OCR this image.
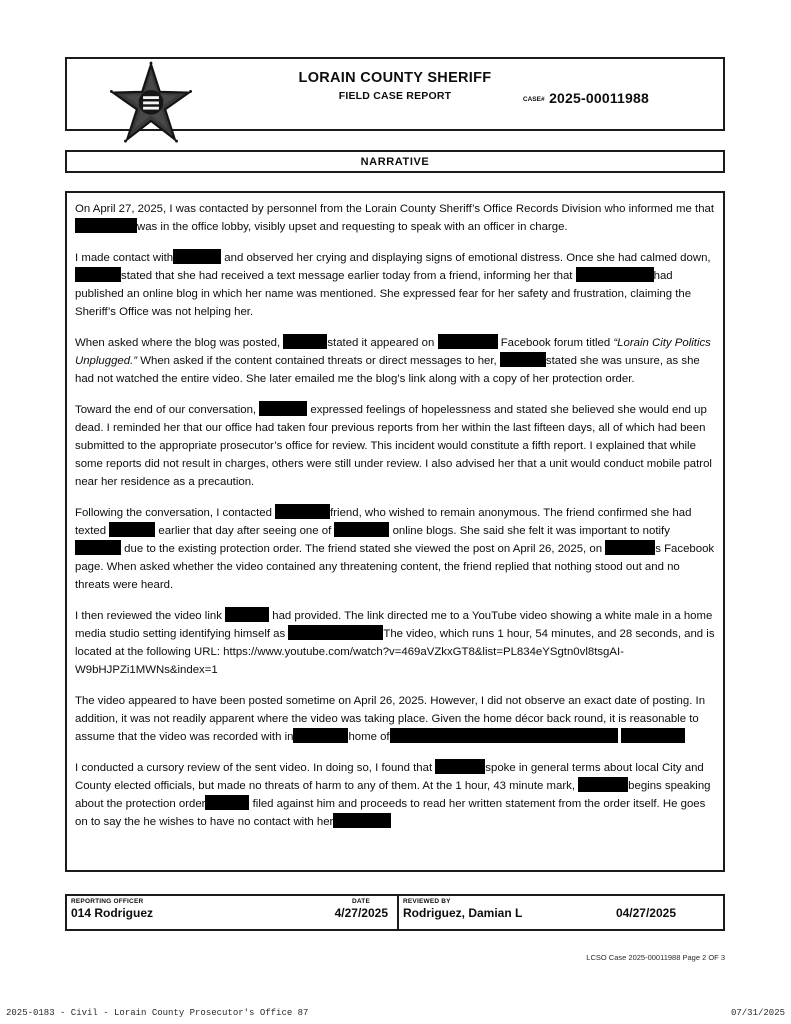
LORAIN COUNTY SHERIFF
FIELD CASE REPORT	CASE# 2025-00011988
NARRATIVE

On April 27, 2025, I was contacted by personnel from the Lorain County Sheriff’s Office Records Division who informed me that was in the office lobby, visibly upset and requesting to speak with an officer in charge.

I made contact with	and observed her crying and displaying signs of emotional distress. Once she had calmed down, stated that she had received a text message earlier today from a friend, informing her that	had published an online blog in which her name was mentioned. She expressed fear for her safety and frustration, claiming the Sheriff’s Office was not helping her.

When asked where the blog was posted,	stated it appeared on	Facebook forum titled “Lorain City Politics Unplugged.” When asked if the content contained threats or direct messages to her,	stated she was unsure, as she had not watched the entire video. She later emailed me the blog’s link along with a copy of her protection order.

Toward the end of our conversation,	expressed feelings of hopelessness and stated she believed she would end up dead. I reminded her that our office had taken four previous reports from her within the last fifteen days, all of which had been submitted to the appropriate prosecutor’s office for review. This incident would constitute a fifth report. I explained that while some reports did not result in charges, others were still under review. I also advised her that a unit would conduct mobile patrol near her residence as a precaution.

Following the conversation, I contacted	friend, who wished to remain anonymous. The friend confirmed she had texted	earlier that day after seeing one of	online blogs. She said she felt it was important to notify  due to the existing protection order. The friend stated she viewed the post on April 26, 2025, on	s Facebook page. When asked whether the video contained any threatening content, the friend replied that nothing stood out and no threats were heard.

I then reviewed the video link	had provided. The link directed me to a YouTube video showing a white male in a home media studio setting identifying himself as	The video, which runs 1 hour, 54 minutes, and 28 seconds, and is located at the following URL: https://www.youtube.com/watch?v=469aVZkxGT8&list=PL834eYSgtn0vl8tsgAI-W9bHJPZi1MWNs&index=1

The video appeared to have been posted sometime on April 26, 2025. However, I did not observe an exact date of posting. In addition, it was not readily apparent where the video was taking place. Given the home décor back round, it is reasonable to assume that the video was recorded with in	home of

I conducted a cursory review of the sent video. In doing so, I found that	spoke in general terms about local City and County elected officials, but made no threats of harm to any of them. At the 1 hour, 43 minute mark,	begins speaking about the protection order	filed against him and proceeds to read her written statement from the order itself. He goes on to say the he wishes to have no contact with her

REPORTING OFFICER	DATE
014 Rodriguez	4/27/2025
REVIEWED BY
Rodriguez, Damian L	04/27/2025
LCSO Case 2025-00011988 Page 2 OF 3
2025-0183 - Civil - Lorain County Prosecutor's Office 87	07/31/2025
